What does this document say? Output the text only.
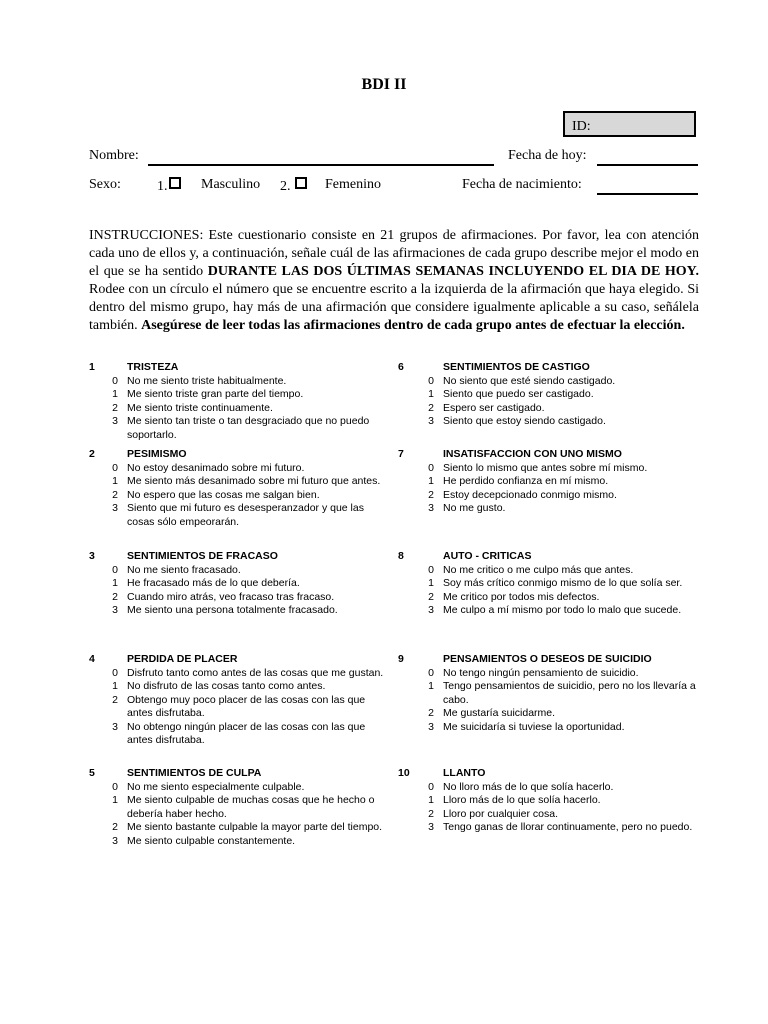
BDI II
ID:
Nombre:	Fecha de hoy:
Sexo:	1.	Masculino 2.	Femenino	Fecha de nacimiento:
INSTRUCCIONES: Este cuestionario consiste en 21 grupos de afirmaciones. Por favor, lea con atención cada uno de ellos y, a continuación, señale cuál de las afirmaciones de cada grupo describe mejor el modo en el que se ha sentido DURANTE LAS DOS ÚLTIMAS SEMANAS INCLUYENDO EL DIA DE HOY. Rodee con un círculo el número que se encuentre escrito a la izquierda de la afirmación que haya elegido. Si dentro del mismo grupo, hay más de una afirmación que considere igualmente aplicable a su caso, señálela también. Asegúrese de leer todas las afirmaciones dentro de cada grupo antes de efectuar la elección.
1	TRISTEZA
0 No me siento triste habitualmente.
1 Me siento triste gran parte del tiempo.
2 Me siento triste continuamente.
3 Me siento tan triste o tan desgraciado que no puedo soportarlo.
2	PESIMISMO
0 No estoy desanimado sobre mi futuro.
1 Me siento más desanimado sobre mi futuro que antes.
2 No espero que las cosas me salgan bien.
3 Siento que mi futuro es desesperanzador y que las cosas sólo empeorarán.
3	SENTIMIENTOS DE FRACASO
0 No me siento fracasado.
1 He fracasado más de lo que debería.
2 Cuando miro atrás, veo fracaso tras fracaso.
3 Me siento una persona totalmente fracasado.
4	PERDIDA DE PLACER
0 Disfruto tanto como antes de las cosas que me gustan.
1 No disfruto de las cosas tanto como antes.
2 Obtengo muy poco placer de las cosas con las que antes disfrutaba.
3 No obtengo ningún placer de las cosas con las que antes disfrutaba.
5	SENTIMIENTOS DE CULPA
0 No me siento especialmente culpable.
1 Me siento culpable de muchas cosas que he hecho o debería haber hecho.
2 Me siento bastante culpable la mayor parte del tiempo.
3 Me siento culpable constantemente.
6	SENTIMIENTOS DE CASTIGO
0 No siento que esté siendo castigado.
1 Siento que puedo ser castigado.
2 Espero ser castigado.
3 Siento que estoy siendo castigado.
7	INSATISFACCION CON UNO MISMO
0 Siento lo mismo que antes sobre mí mismo.
1 He perdido confianza en mí mismo.
2 Estoy decepcionado conmigo mismo.
3 No me gusto.
8	AUTO - CRITICAS
0 No me critico o me culpo más que antes.
1 Soy más crítico conmigo mismo de lo que solía ser.
2 Me critico por todos mis defectos.
3 Me culpo a mí mismo por todo lo malo que sucede.
9	PENSAMIENTOS O DESEOS DE SUICIDIO
0 No tengo ningún pensamiento de suicidio.
1 Tengo pensamientos de suicidio, pero no los llevaría a cabo.
2 Me gustaría suicidarme.
3 Me suicidaría si tuviese la oportunidad.
10	LLANTO
0 No lloro más de lo que solía hacerlo.
1 Lloro más de lo que solía hacerlo.
2 Lloro por cualquier cosa.
3 Tengo ganas de llorar continuamente, pero no puedo.
